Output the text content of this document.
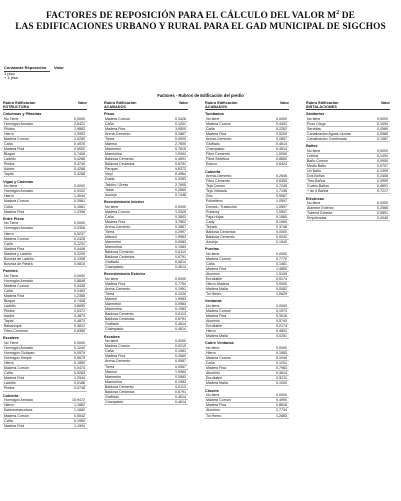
FACTORES DE REPOSICIÓN PARA EL CÁLCULO DEL VALOR $M^2$ DE
LAS EDIFICACIONES URBANO Y RURAL PARA EL GAD MUNICIPAL DE SIGCHOS
Constante Reposición	Valor
1 piso
+ 1 piso
Factores - Rubros de Edificación del predio
Rubro Edificación
ESTRUCTURA
Valor
Columnas y Pilastras
No Tiene	0,0000
Hormigón Armado	2,6421
Pilotes	1,9863
Hierro	1,3993
Madera Común	1,0250
Caña	0,4976
Madera Fina	0,5000
Bloque	0,7408
Ladrillo	0,4268
Piedra	0,4740
Adobe	0,4268
Tapial	0,4268
Vigas y Cadenas
No tiene	0,0000
Hormigón Armado	0,9102
Hierro	1,4044
Madera Común	0,3961
Caña	0,1661
Madera Fina	1,2398
Entre Pisos
No Tiene	0,0000
Hormigón Armado	0,3306
Hierro	0,5237
Madera Común	0,2426
Caña	0,1231
Madera Fina	0,4446
Madera y Ladrillo	0,2209
Bóveda de Ladrillo	0,1398
Bóveda de Piedra	0,5810
Paredes
No Tiene	0,0000
Hormigón Armado	0,8848
Madera Común	0,4435
Caña	0,2463
Madera Fina	1,2356
Bloque	0,7408
Ladrillo	0,6650
Piedra	0,5372
Adobe	0,4873
Tapial	0,4873
Bahareque	0,4812
Fibro-Cemento	0,6385
Escalera
No Tiene	0,0000
Hormigón Armado	0,1240
Hormigón Ciclópeo	0,0979
Hormigón Simple	0,0679
Hierro	0,1850
Madera Común	0,0474
Caña	0,0283
Madera Fina	1,2944
Ladrillo	0,0186
Piedra	0,0748
Cubierta
Hormigón Armado	10,9472
Hierro	1,1882
Estereoestructura	1,1682
Madera Común	0,5042
Caña	0,1960
Madera Fina	1,1994
Rubro Edificación
ACABADOS
Valor
Pisos
Madera Común	0,3426
Caña	0,1201
Madera Fina	3,9500
Arena-Cemento	0,1867
Tierra	0,0000
Mármol	2,7600
Marmetón	0,7615
Marmolina	1,0992
Baldosa Cemento	0,4591
Baldosa Cerámica	0,6791
Parquet	0,5372
Vinyl	0,4964
Duela	0,3383
Tablón / Gress	2,7605
Tabla	0,2560
Azulejo	0,7448
Revestimiento Interior
No tiene	0,0000
Madera Común	1,3325
Caña	0,3803
Madera Fina	3,7602
Arena-Cemento	0,3867
Tierra	0,2997
Mármol	1,9983
Marmetón	0,0983
Marmolina	0,1983
Baldosa Cemento	0,6113
Baldosa Cerámica	0,6791
Grafiado	0,4614
Champiado	0,4614
Revestimiento Exterior
No tiene	0,0000
Madera Fina	0,7794
Arena-Cemento	0,1991
Tierra	0,1020
Mármol	1,9983
Marmetón	0,0983
Marmolina	0,1983
Baldosa Cemento	0,6113
Baldosa Cerámica	0,6791
Grafiado	0,4614
Champiado	0,4614
Escalera
No tiene	0,0000
Madera Común	0,0219
Caña	0,1061
Madera Fina	0,2660
Arena-Cemento	0,0587
Tierra	0,0067
Mármol	1,9983
Marmetón	0,0983
Marmolina	0,1983
Baldosa Cemento	0,0113
Baldosa Cerámica	0,6791
Grafiado	0,4614
Champiado	0,4614
Rubro Edificación
ACABADOS
Valor
Tumbados
No tiene	0,0000
Madera Común	0,4491
Caña	0,2262
Madera Fina	2,5200
Arena-Cemento	0,2857
Grafiado	0,4614
Champiado	0,4614
Fibro Cemento	1,0059
Fibra Sintética	0,8650
Estuco	0,6424
Cubierta
Arena-Cemento	0,2846
Fibro Cemento	0,6350
Teja Común	0,7245
Teja Vidriada	1,7156
Zinc	0,5067
Polietileno	1,0597
Domos / Traslúcido	1,0597
Rubercy	1,0597
Paja-Hojas	0,1565
Cady	0,1965
Tejuelo	0,3748
Baldosa Cerámica	0,0000
Baldosa Cemento	0,0042
Azulejo	0,1540
Puertas
No tiene	0,0000
Madera Común	0,7770
Caña	0,1581
Madera Fina	1,4850
Aluminio	1,5109
Enrollable	0,5174
Hierro-Madera	0,0000
Madera Malla	0,0082
Tol Hierro	1,0829
Ventanas
No tiene	0,0000
Madera Común	0,1973
Madera Fina	0,3016
Aluminio	0,5740
Enrollable	0,2174
Hierro	0,4891
Madera Malla	0,0281
Cubre Ventanas
No tiene	0,0000
Hierro	0,1983
Madera Común	0,1049
Caña	0,1201
Madera Fina	0,7983
Aluminio	0,3614
Enrollable	0,5211
Madera Malla	0,1000
Closets
No tiene	0,0000
Madera Común	0,4990
Madera Fina	0,8816
Aluminio	0,7734
Tol Hierro	1,2865
Rubro Edificación
INSTALACIONES
Valor
Sanitarios
No tiene	0,0000
Pozo Ciego	0,1093
Servidas	0,0589
Canalización Aguas Lluvias	0,0589
Canalización Combinado	0,1587
Baños
No tiene	0,0000
Letrina	0,1492
Baño Común	0,0950
Medio Baño	0,0707
Un Baño	0,1399
Dos Baños	0,2406
Tres Baños	0,3999
Cuatro Baños	0,4801
+ de 4 Baños	0,7217
Eléctricas
No tiene	0,0000
Alambre Exterior	0,2566
Tubería Exterior	0,5851
Empotradas	0,4045
